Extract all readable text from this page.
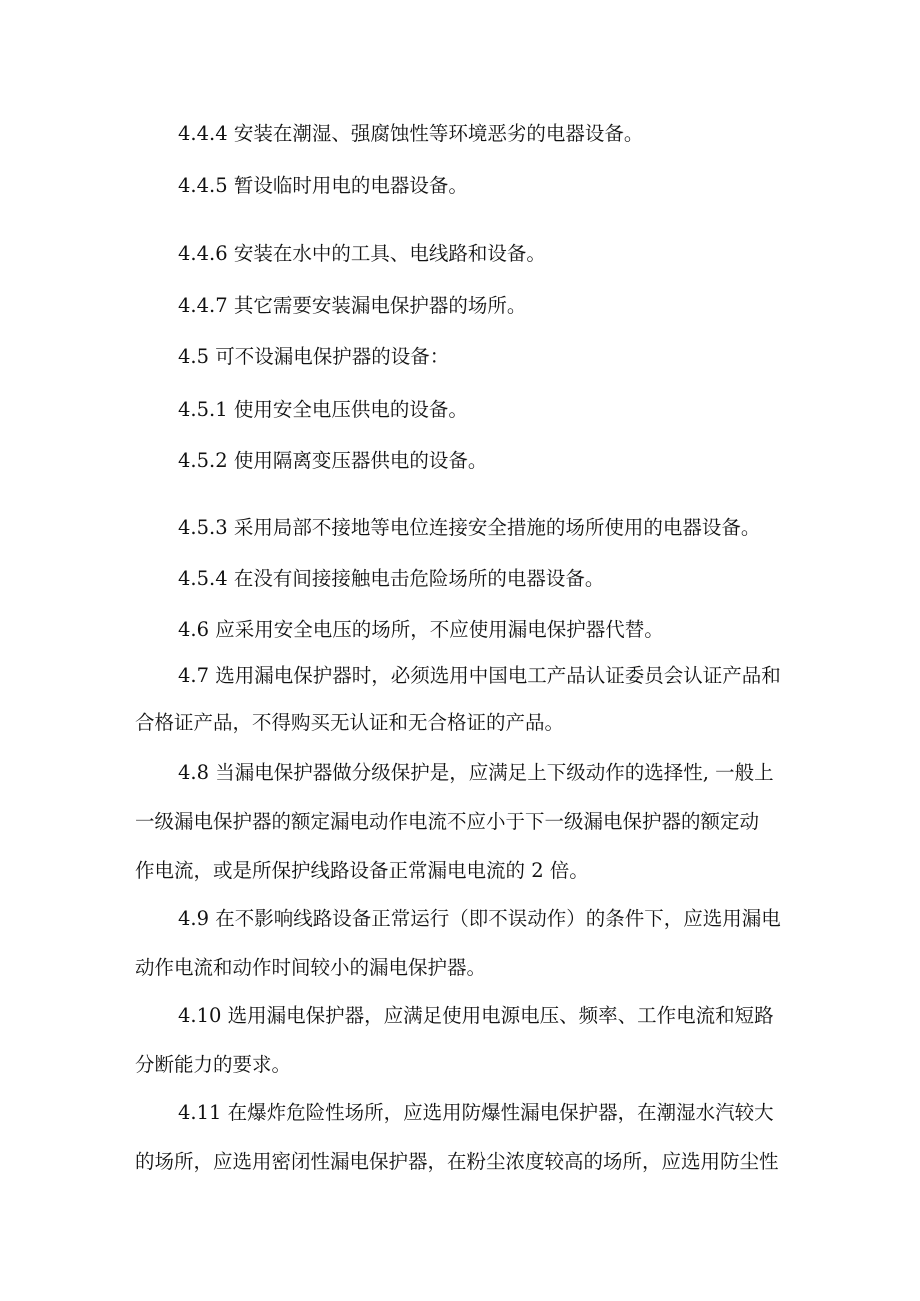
4.4.4 安装在潮湿、强腐蚀性等环境恶劣的电器设备。

4.4.5 暂设临时用电的电器设备。

4.4.6 安装在水中的工具、电线路和设备。

4.4.7 其它需要安装漏电保护器的场所。

4.5 可不设漏电保护器的设备：

4.5.1 使用安全电压供电的设备。

4.5.2 使用隔离变压器供电的设备。

4.5.3 采用局部不接地等电位连接安全措施的场所使用的电器设备。

4.5.4 在没有间接接触电击危险场所的电器设备。

4.6 应采用安全电压的场所，不应使用漏电保护器代替。

4.7 选用漏电保护器时，必须选用中国电工产品认证委员会认证产品和

合格证产品，不得购买无认证和无合格证的产品。

4.8 当漏电保护器做分级保护是，应满足上下级动作的选择性, 一般上

一级漏电保护器的额定漏电动作电流不应小于下一级漏电保护器的额定动

作电流，或是所保护线路设备正常漏电电流的 2 倍。

4.9 在不影响线路设备正常运行（即不误动作）的条件下，应选用漏电

动作电流和动作时间较小的漏电保护器。

4.10 选用漏电保护器，应满足使用电源电压、频率、工作电流和短路

分断能力的要求。

4.11 在爆炸危险性场所，应选用防爆性漏电保护器，在潮湿水汽较大

的场所，应选用密闭性漏电保护器，在粉尘浓度较高的场所，应选用防尘性
